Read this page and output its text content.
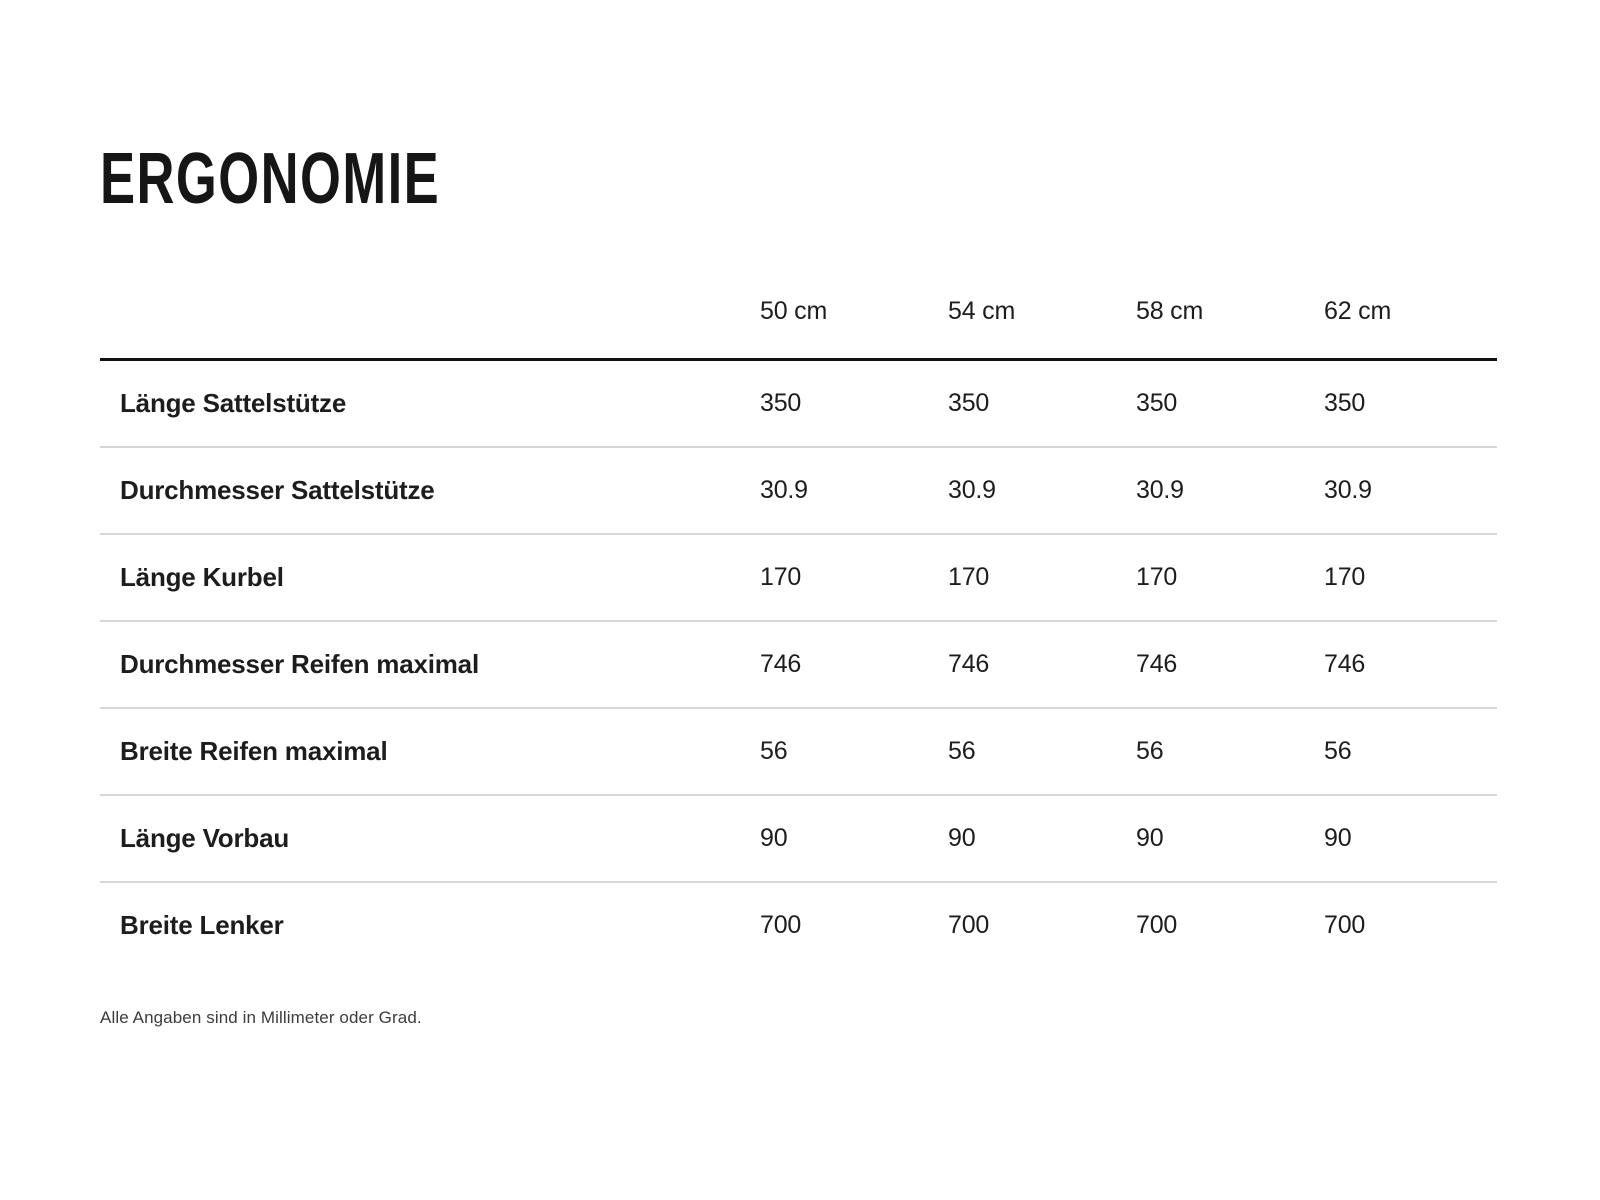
ERGONOMIE
	50 cm	54 cm	58 cm	62 cm
Länge Sattelstütze	350	350	350	350
Durchmesser Sattelstütze	30.9	30.9	30.9	30.9
Länge Kurbel	170	170	170	170
Durchmesser Reifen maximal	746	746	746	746
Breite Reifen maximal	56	56	56	56
Länge Vorbau	90	90	90	90
Breite Lenker	700	700	700	700

Alle Angaben sind in Millimeter oder Grad.
